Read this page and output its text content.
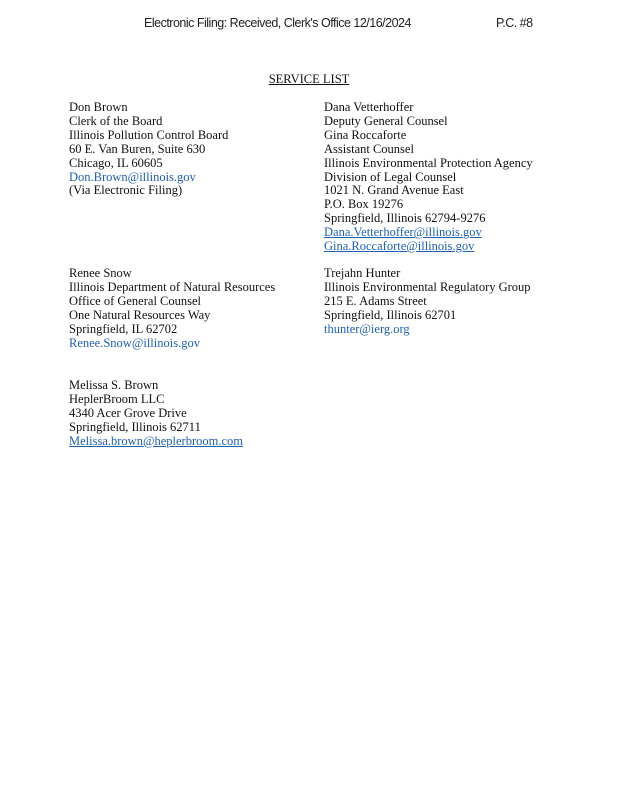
Electronic Filing: Received, Clerk's Office 12/16/2024	P.C. #8
SERVICE LIST
Don Brown
Clerk of the Board
Illinois Pollution Control Board
60 E. Van Buren, Suite 630
Chicago, IL 60605
Don.Brown@illinois.gov
(Via Electronic Filing)
Dana Vetterhoffer
Deputy General Counsel
Gina Roccaforte
Assistant Counsel
Illinois Environmental Protection Agency
Division of Legal Counsel
1021 N. Grand Avenue East
P.O. Box 19276
Springfield, Illinois 62794-9276
Dana.Vetterhoffer@illinois.gov
Gina.Roccaforte@illinois.gov
Renee Snow
Illinois Department of Natural Resources
Office of General Counsel
One Natural Resources Way
Springfield, IL 62702
Renee.Snow@illinois.gov
Trejahn Hunter
Illinois Environmental Regulatory Group
215 E. Adams Street
Springfield, Illinois 62701
thunter@ierg.org
Melissa S. Brown
HeplerBroom LLC
4340 Acer Grove Drive
Springfield, Illinois 62711
Melissa.brown@heplerbroom.com
